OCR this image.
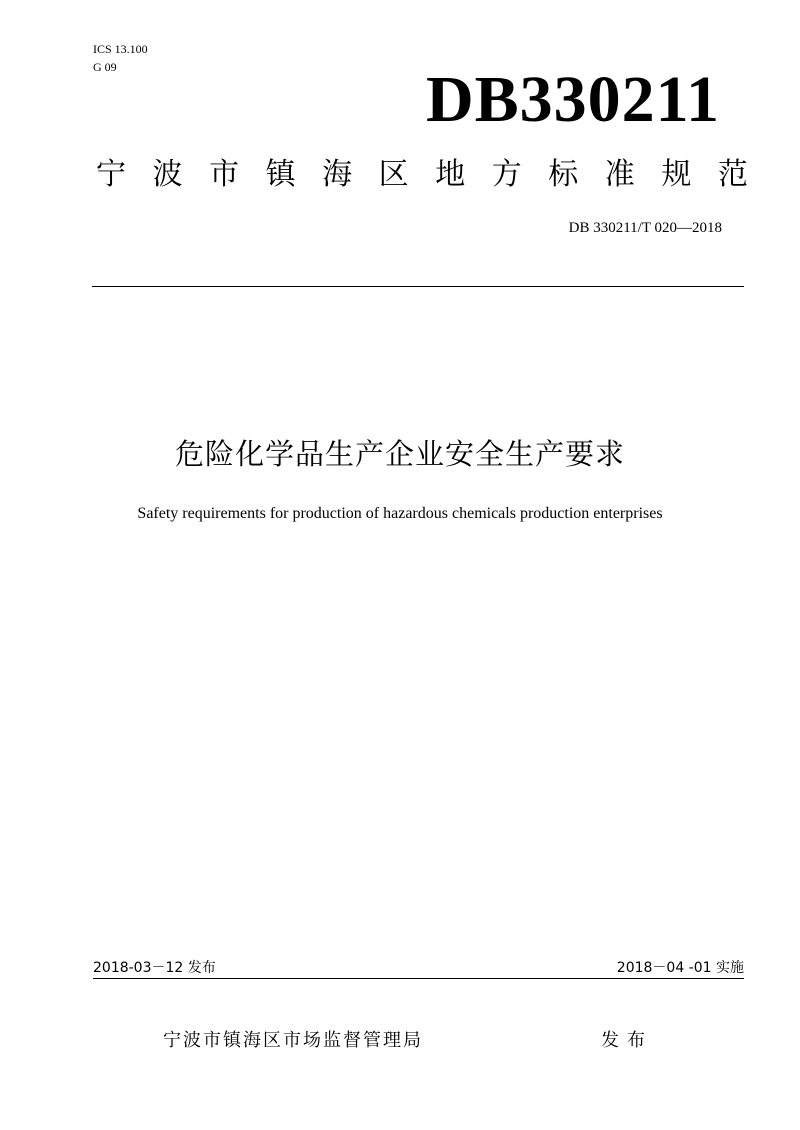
ICS 13.100
G 09	DB330211
宁 波 市 镇 海 区 地 方 标 准 规 范
DB 330211/T 020—2018
危险化学品生产企业安全生产要求
Safety requirements for production of hazardous chemicals production enterprises
2018-03－12 发布	2018－04 -01 实施
宁波市镇海区市场监督管理局	发布
